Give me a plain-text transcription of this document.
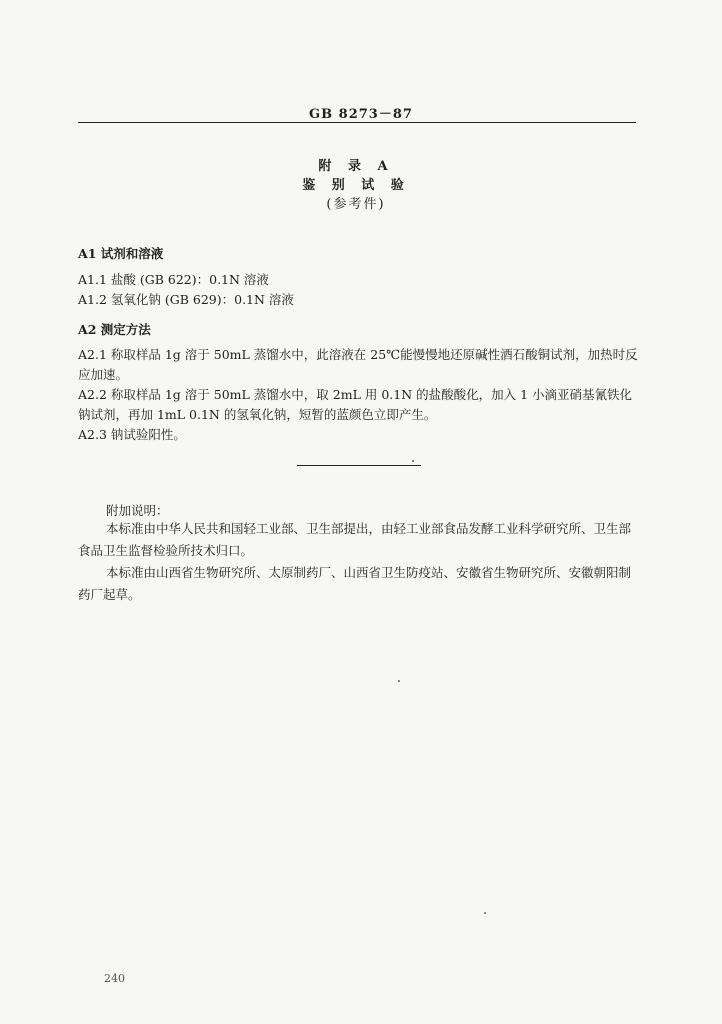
GB 8273－87
附 录 A
鉴 别 试 验
(参考件)
A1 试剂和溶液
A1.1 盐酸 (GB 622)：0.1N 溶液
A1.2 氢氧化钠 (GB 629)：0.1N 溶液
A2 测定方法
A2.1 称取样品 1g 溶于 50mL 蒸馏水中，此溶液在 25℃能慢慢地还原碱性酒石酸铜试剂，加热时反应加速。
A2.2 称取样品 1g 溶于 50mL 蒸馏水中，取 2mL 用 0.1N 的盐酸酸化，加入 1 小滴亚硝基氰铁化钠试剂，再加 1mL 0.1N 的氢氧化钠，短暂的蓝颜色立即产生。
A2.3 钠试验阳性。
附加说明：
本标准由中华人民共和国轻工业部、卫生部提出，由轻工业部食品发酵工业科学研究所、卫生部食品卫生监督检验所技术归口。
本标准由山西省生物研究所、太原制药厂、山西省卫生防疫站、安徽省生物研究所、安徽朝阳制药厂起草。
240
